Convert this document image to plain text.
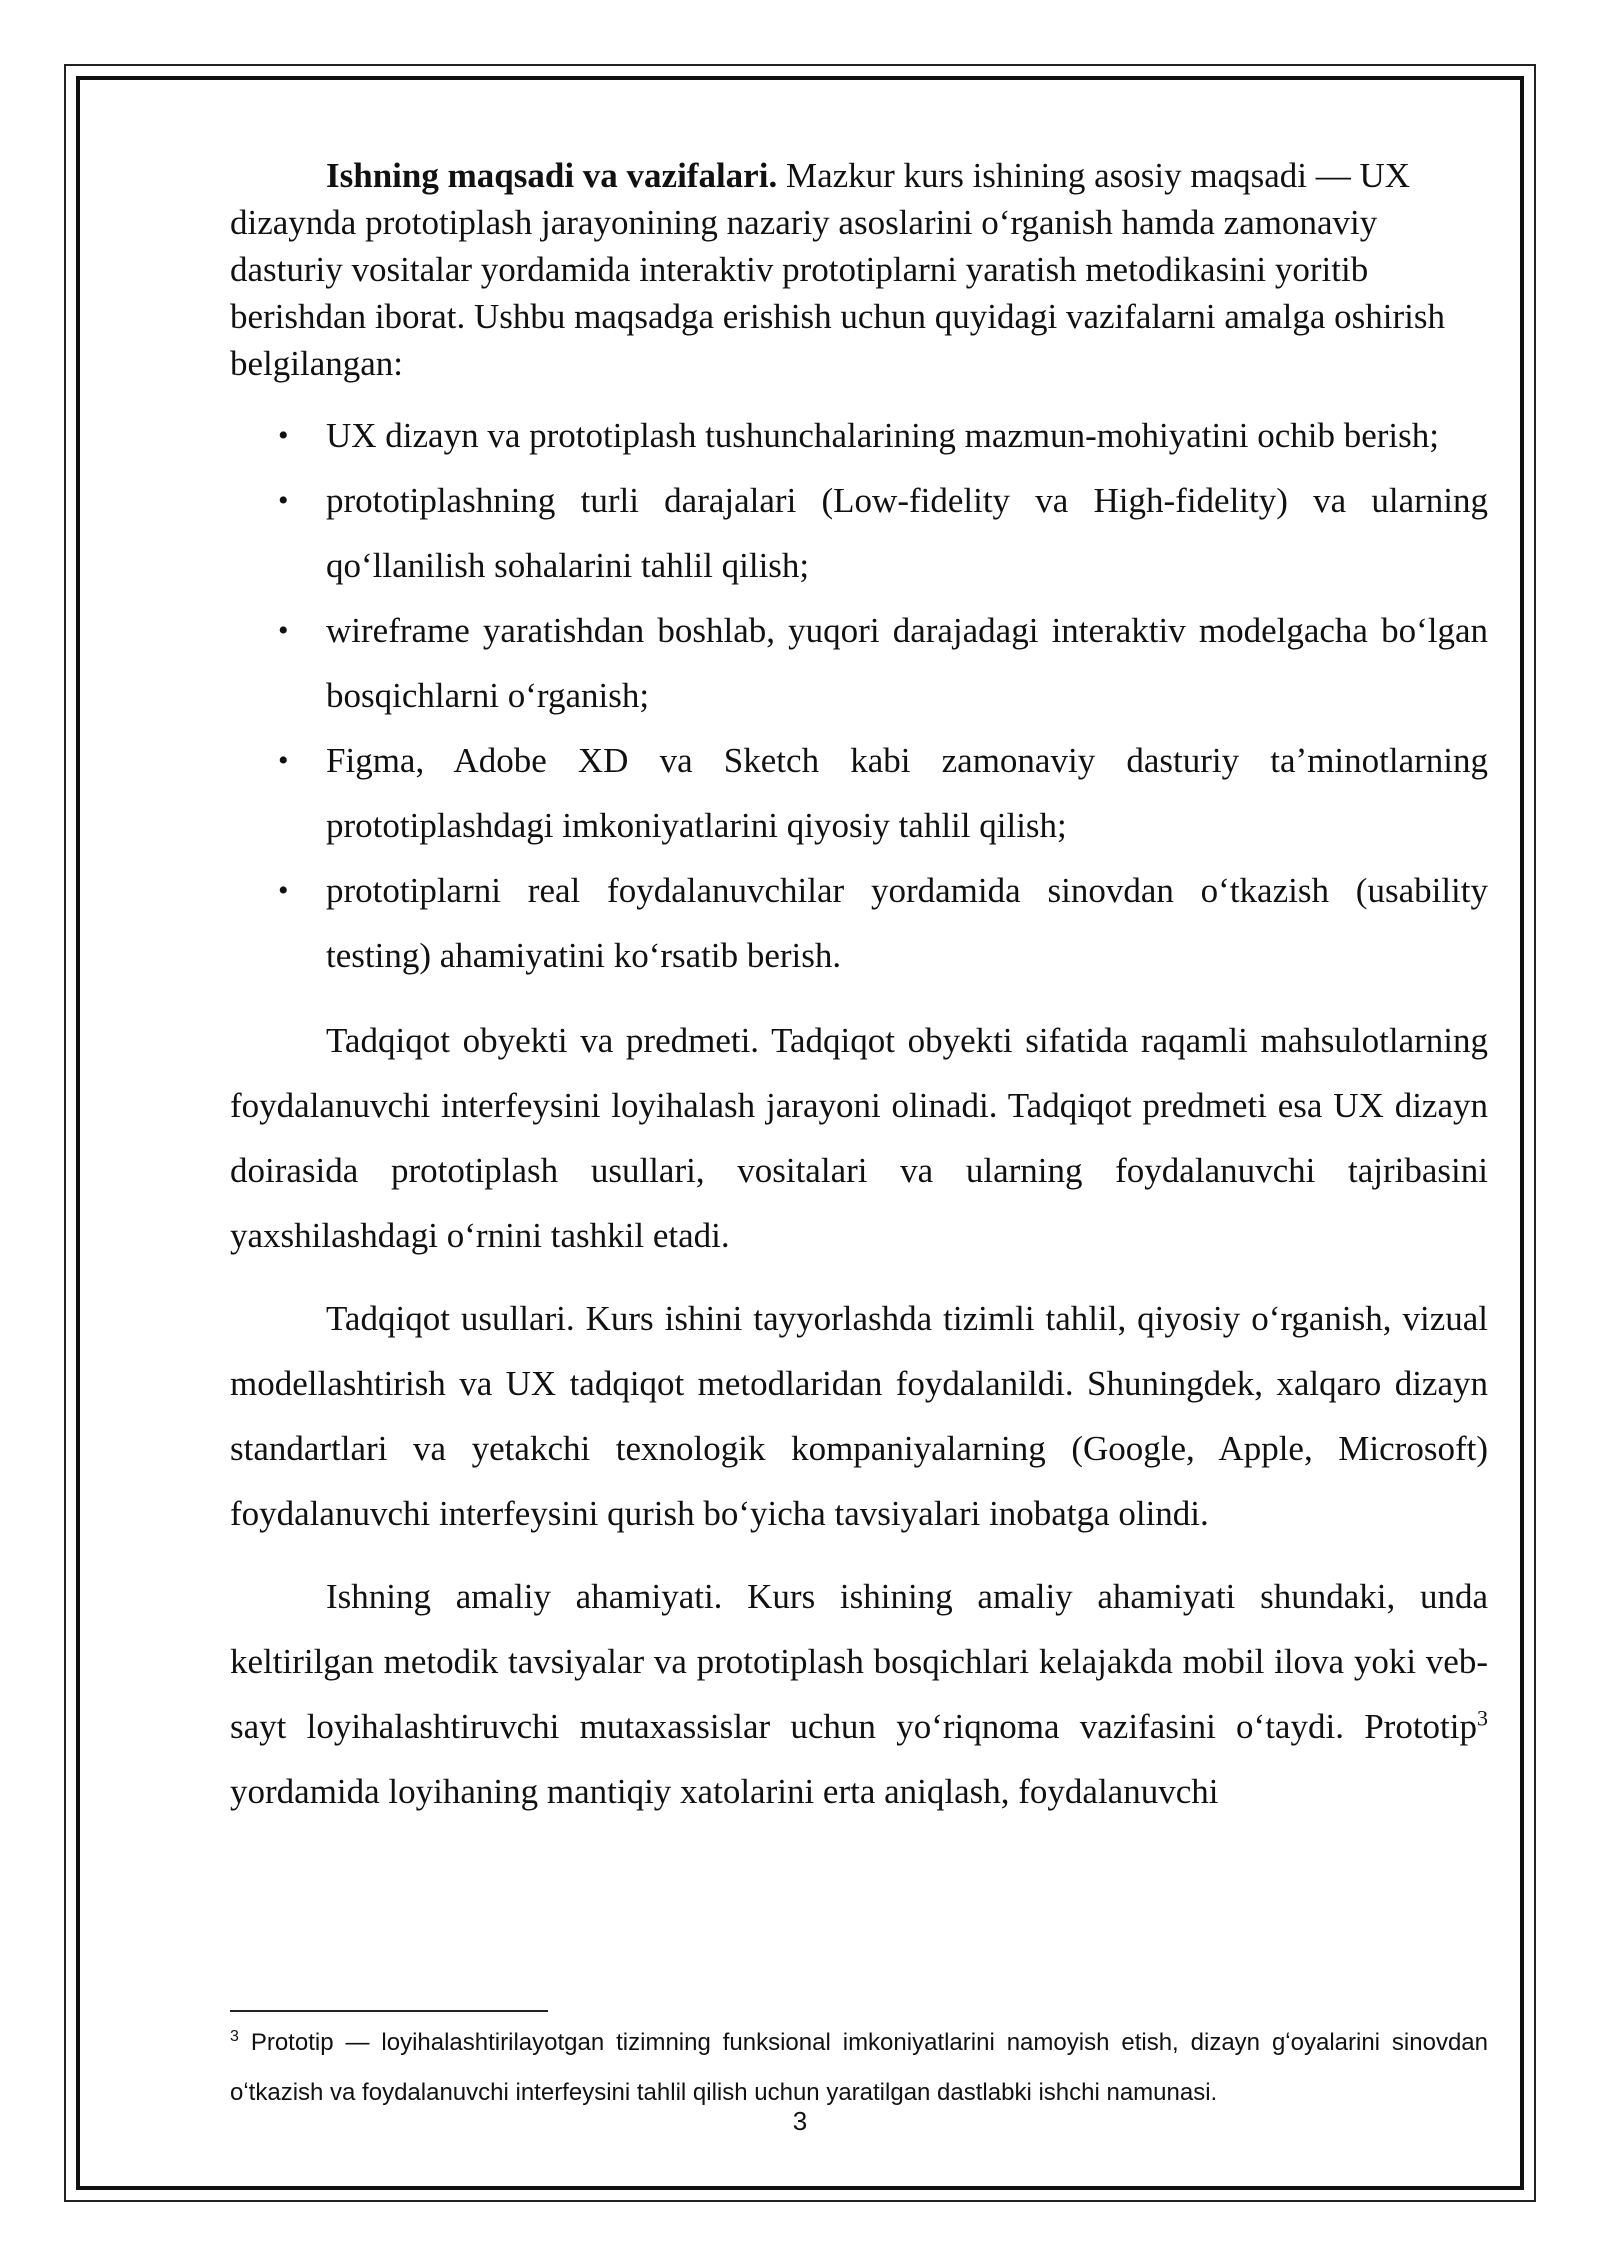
Ishning maqsadi va vazifalari. Mazkur kurs ishining asosiy maqsadi — UX dizaynda prototiplash jarayonining nazariy asoslarini oʻrganish hamda zamonaviy dasturiy vositalar yordamida interaktiv prototiplarni yaratish metodikasini yoritib berishdan iborat. Ushbu maqsadga erishish uchun quyidagi vazifalarni amalga oshirish belgilangan:

• UX dizayn va prototiplash tushunchalarining mazmun-mohiyatini ochib berish;
• prototiplashning turli darajalari (Low-fidelity va High-fidelity) va ularning qoʻllanilish sohalarini tahlil qilish;
• wireframe yaratishdan boshlab, yuqori darajadagi interaktiv modelgacha boʻlgan bosqichlarni oʻrganish;
• Figma, Adobe XD va Sketch kabi zamonaviy dasturiy taʼminotlarning prototiplashdagi imkoniyatlarini qiyosiy tahlil qilish;
• prototiplarni real foydalanuvchilar yordamida sinovdan oʻtkazish (usability testing) ahamiyatini koʻrsatib berish.

Tadqiqot obyekti va predmeti. Tadqiqot obyekti sifatida raqamli mahsulotlarning foydalanuvchi interfeysini loyihalash jarayoni olinadi. Tadqiqot predmeti esa UX dizayn doirasida prototiplash usullari, vositalari va ularning foydalanuvchi tajribasini yaxshilashdagi oʻrnini tashkil etadi.

Tadqiqot usullari. Kurs ishini tayyorlashda tizimli tahlil, qiyosiy oʻrganish, vizual modellashtirish va UX tadqiqot metodlaridan foydalanildi. Shuningdek, xalqaro dizayn standartlari va yetakchi texnologik kompaniyalarning (Google, Apple, Microsoft) foydalanuvchi interfeysini qurish boʻyicha tavsiyalari inobatga olindi.

Ishning amaliy ahamiyati. Kurs ishining amaliy ahamiyati shundaki, unda keltirilgan metodik tavsiyalar va prototiplash bosqichlari kelajakda mobil ilova yoki veb-sayt loyihalashtiruvchi mutaxassislar uchun yoʻriqnoma vazifasini oʻtaydi. Prototip$^3$ yordamida loyihaning mantiqiy xatolarini erta aniqlash, foydalanuvchi

$^3$ Prototip — loyihalashtirilayotgan tizimning funksional imkoniyatlarini namoyish etish, dizayn gʻoyalarini sinovdan oʻtkazish va foydalanuvchi interfeysini tahlil qilish uchun yaratilgan dastlabki ishchi namunasi.
3
